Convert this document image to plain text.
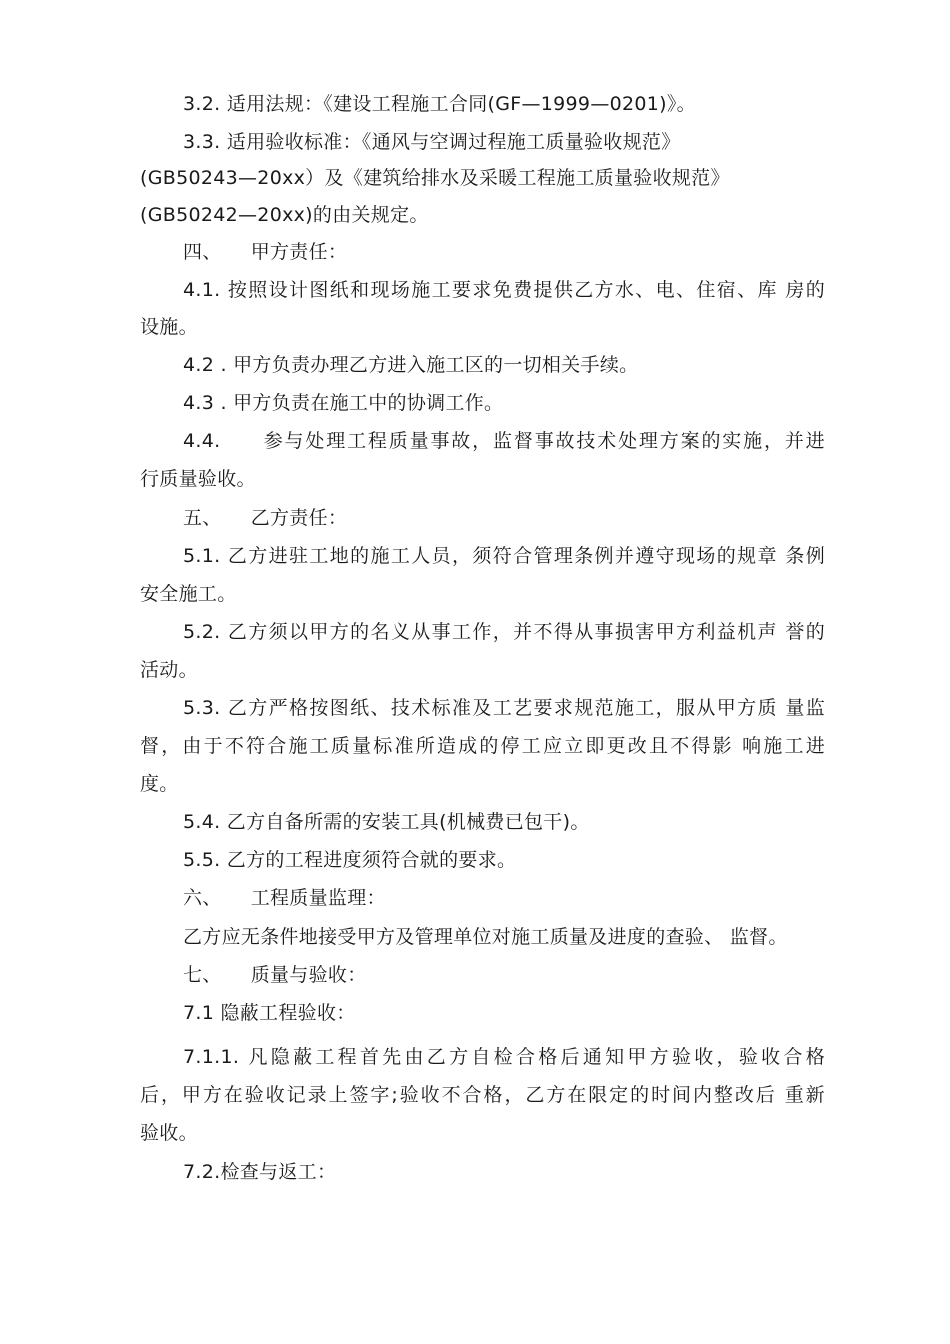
3.2. 适用法规：《建设工程施工合同(GF—1999—0201)》。
3.3. 适用验收标准：《通风与空调过程施工质量验收规范》
(GB50243—20xx）及《建筑给排水及采暖工程施工质量验收规范》
(GB50242—20xx)的由关规定。
四、　　甲方责任：
4.1. 按照设计图纸和现场施工要求免费提供乙方水、电、住宿、库 房的
设施。
4.2 . 甲方负责办理乙方进入施工区的一切相关手续。
4.3 . 甲方负责在施工中的协调工作。
4.4.　　参与处理工程质量事故，监督事故技术处理方案的实施，并进
行质量验收。
五、　　乙方责任：
5.1. 乙方进驻工地的施工人员，须符合管理条例并遵守现场的规章 条例
安全施工。
5.2. 乙方须以甲方的名义从事工作，并不得从事损害甲方利益机声 誉的
活动。
5.3. 乙方严格按图纸、技术标准及工艺要求规范施工，服从甲方质 量监
督，由于不符合施工质量标准所造成的停工应立即更改且不得影 响施工进
度。
5.4. 乙方自备所需的安装工具(机械费已包干)。
5.5. 乙方的工程进度须符合就的要求。
六、　　工程质量监理：
乙方应无条件地接受甲方及管理单位对施工质量及进度的查验、 监督。
七、　　质量与验收：
7.1 隐蔽工程验收：
7.1.1. 凡隐蔽工程首先由乙方自检合格后通知甲方验收，验收合格
后，甲方在验收记录上签字;验收不合格，乙方在限定的时间内整改后 重新
验收。
7.2.检查与返工：
